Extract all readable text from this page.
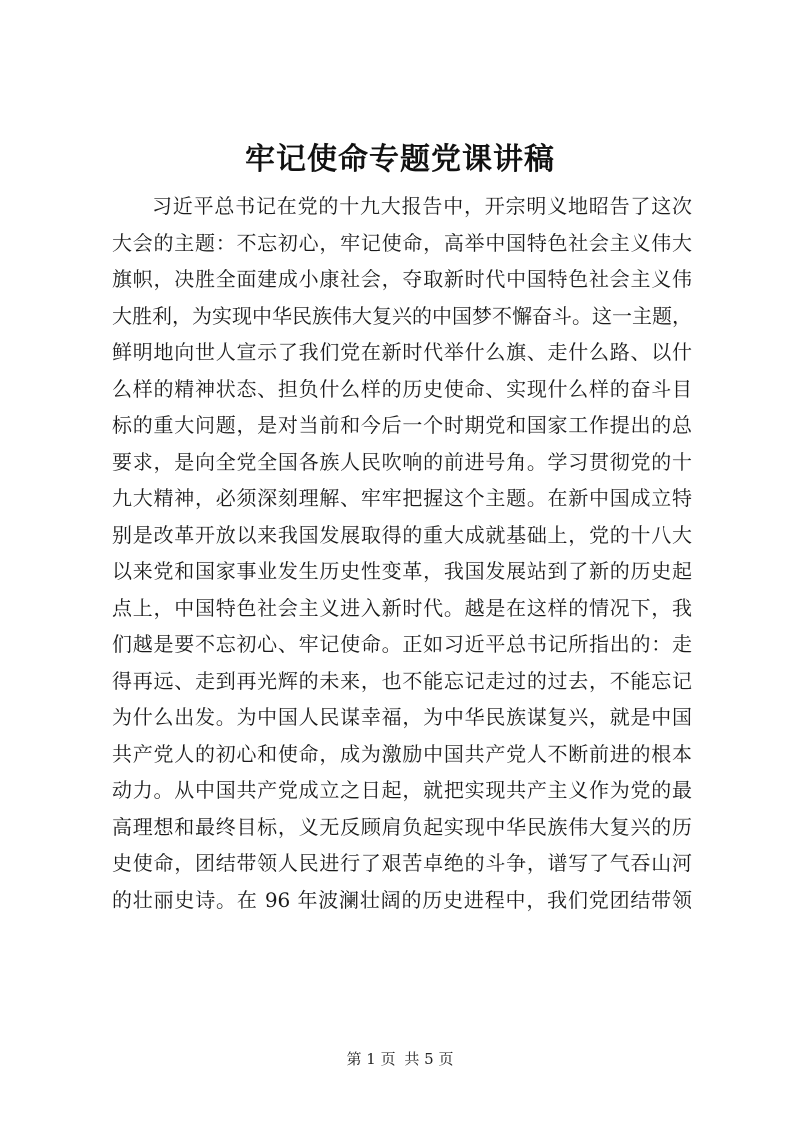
牢记使命专题党课讲稿
习近平总书记在党的十九大报告中，开宗明义地昭告了这次
大会的主题：不忘初心，牢记使命，高举中国特色社会主义伟大
旗帜，决胜全面建成小康社会，夺取新时代中国特色社会主义伟
大胜利，为实现中华民族伟大复兴的中国梦不懈奋斗。这一主题，
鲜明地向世人宣示了我们党在新时代举什么旗、走什么路、以什
么样的精神状态、担负什么样的历史使命、实现什么样的奋斗目
标的重大问题，是对当前和今后一个时期党和国家工作提出的总
要求，是向全党全国各族人民吹响的前进号角。学习贯彻党的十
九大精神，必须深刻理解、牢牢把握这个主题。在新中国成立特
别是改革开放以来我国发展取得的重大成就基础上，党的十八大
以来党和国家事业发生历史性变革，我国发展站到了新的历史起
点上，中国特色社会主义进入新时代。越是在这样的情况下，我
们越是要不忘初心、牢记使命。正如习近平总书记所指出的：走
得再远、走到再光辉的未来，也不能忘记走过的过去，不能忘记
为什么出发。为中国人民谋幸福，为中华民族谋复兴，就是中国
共产党人的初心和使命，成为激励中国共产党人不断前进的根本
动力。从中国共产党成立之日起，就把实现共产主义作为党的最
高理想和最终目标，义无反顾肩负起实现中华民族伟大复兴的历
史使命，团结带领人民进行了艰苦卓绝的斗争，谱写了气吞山河
的壮丽史诗。在 96 年波澜壮阔的历史进程中，我们党团结带领
第 1 页 共 5 页
